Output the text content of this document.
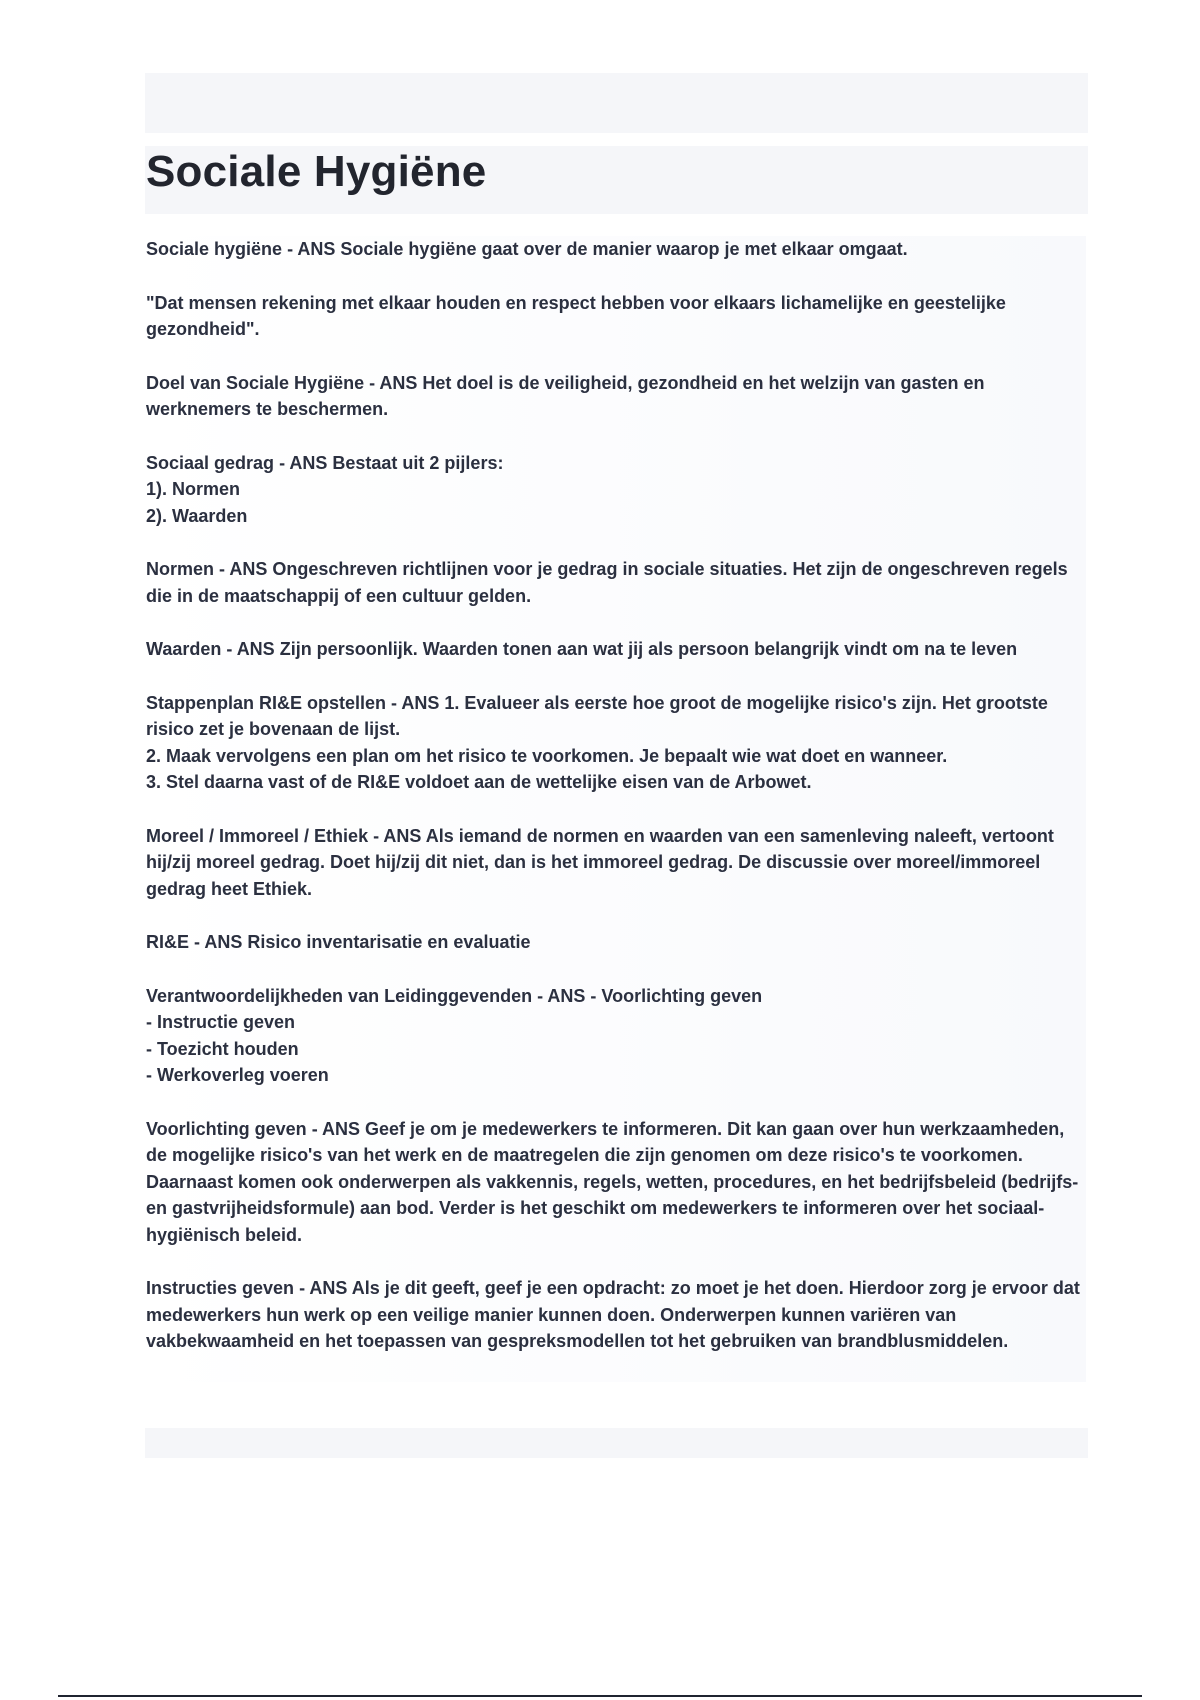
Sociale Hygiëne
Sociale hygiëne - ANS Sociale hygiëne gaat over de manier waarop je met elkaar omgaat.
"Dat mensen rekening met elkaar houden en respect hebben voor elkaars lichamelijke en geestelijke gezondheid".
Doel van Sociale Hygiëne - ANS Het doel is de veiligheid, gezondheid en het welzijn van gasten en werknemers te beschermen.
Sociaal gedrag - ANS Bestaat uit 2 pijlers:
1). Normen
2). Waarden
Normen - ANS Ongeschreven richtlijnen voor je gedrag in sociale situaties. Het zijn de ongeschreven regels die in de maatschappij of een cultuur gelden.
Waarden - ANS Zijn persoonlijk. Waarden tonen aan wat jij als persoon belangrijk vindt om na te leven
Stappenplan RI&E opstellen - ANS 1. Evalueer als eerste hoe groot de mogelijke risico's zijn. Het grootste risico zet je bovenaan de lijst.
2. Maak vervolgens een plan om het risico te voorkomen. Je bepaalt wie wat doet en wanneer.
3. Stel daarna vast of de RI&E voldoet aan de wettelijke eisen van de Arbowet.
Moreel / Immoreel / Ethiek - ANS Als iemand de normen en waarden van een samenleving naleeft, vertoont hij/zij moreel gedrag. Doet hij/zij dit niet, dan is het immoreel gedrag. De discussie over moreel/immoreel gedrag heet Ethiek.
RI&E - ANS Risico inventarisatie en evaluatie
Verantwoordelijkheden van Leidinggevenden - ANS - Voorlichting geven
- Instructie geven
- Toezicht houden
- Werkoverleg voeren
Voorlichting geven - ANS Geef je om je medewerkers te informeren. Dit kan gaan over hun werkzaamheden, de mogelijke risico's van het werk en de maatregelen die zijn genomen om deze risico's te voorkomen. Daarnaast komen ook onderwerpen als vakkennis, regels, wetten, procedures, en het bedrijfsbeleid (bedrijfs- en gastvrijheidsformule) aan bod. Verder is het geschikt om medewerkers te informeren over het sociaal-hygiënisch beleid.
Instructies geven - ANS Als je dit geeft, geef je een opdracht: zo moet je het doen. Hierdoor zorg je ervoor dat medewerkers hun werk op een veilige manier kunnen doen. Onderwerpen kunnen variëren van vakbekwaamheid en het toepassen van gespreksmodellen tot het gebruiken van brandblusmiddelen.
